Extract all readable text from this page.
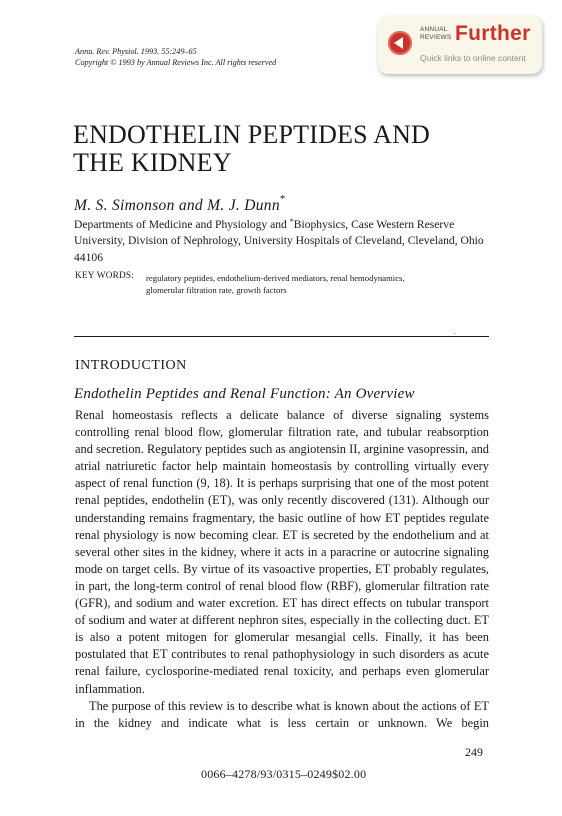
Annu. Rev. Physiol. 1993. 55:249–65
Copyright © 1993 by Annual Reviews Inc. All rights reserved
ANNUAL
REVIEWS Further
Quick links to online content
ENDOTHELIN PEPTIDES AND
THE KIDNEY
M. S. Simonson and M. J. Dunn*
Departments of Medicine and Physiology and *Biophysics, Case Western Reserve University, Division of Nephrology, University Hospitals of Cleveland, Cleveland, Ohio 44106
KEY WORDS: regulatory peptides, endothelium-derived mediators, renal hemodynamics,
glomerular filtration rate, growth factors
.
INTRODUCTION
Endothelin Peptides and Renal Function: An Overview

Renal homeostasis reflects a delicate balance of diverse signaling systems controlling renal blood flow, glomerular filtration rate, and tubular reabsorption and secretion. Regulatory peptides such as angiotensin II, arginine vasopressin, and atrial natriuretic factor help maintain homeostasis by controlling virtually every aspect of renal function (9, 18). It is perhaps surprising that one of the most potent renal peptides, endothelin (ET), was only recently discovered (131). Although our understanding remains fragmentary, the basic outline of how ET peptides regulate renal physiology is now becoming clear. ET is secreted by the endothelium and at several other sites in the kidney, where it acts in a paracrine or autocrine signaling mode on target cells. By virtue of its vasoactive properties, ET probably regulates, in part, the long-term control of renal blood flow (RBF), glomerular filtration rate (GFR), and sodium and water excretion. ET has direct effects on tubular transport of sodium and water at different nephron sites, especially in the collecting duct. ET is also a potent mitogen for glomerular mesangial cells. Finally, it has been postulated that ET contributes to renal pathophysiology in such disorders as acute renal failure, cyclosporine-mediated renal toxicity, and perhaps even glomerular inflammation.

The purpose of this review is to describe what is known about the actions of ET in the kidney and indicate what is less certain or unknown. We begin

249
0066–4278/93/0315–0249$02.00
